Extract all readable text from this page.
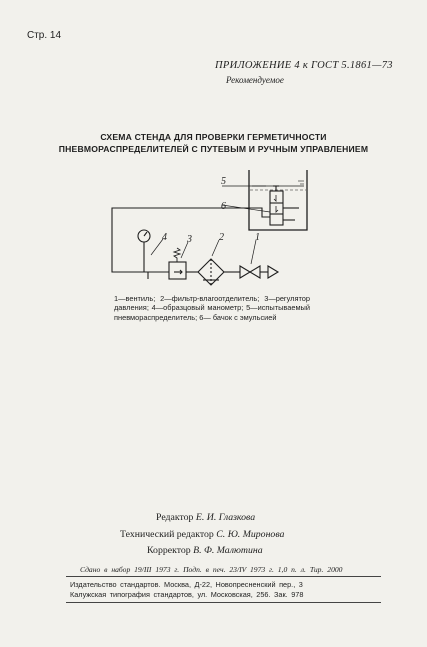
Стр. 14
ПРИЛОЖЕНИЕ 4 к ГОСТ 5.1861—73
Рекомендуемое
СХЕМА СТЕНДА ДЛЯ ПРОВЕРКИ ГЕРМЕТИЧНОСТИ
ПНЕВМОРАСПРЕДЕЛИТЕЛЕЙ С ПУТЕВЫМ И РУЧНЫМ УПРАВЛЕНИЕМ
5
6
4 3	2	1
1—вентиль; 2—фильтр-влагоотделитель; 3—регулятор давления; 4—образцовый манометр; 5—испытываемый пневмораспределитель; 6— бачок с эмульсией
Редактор Е. И. Глазкова
Технический редактор С. Ю. Миронова
Корректор В. Ф. Малютина
Сдано в набор 19/III 1973 г. Подп. в печ. 23/IV 1973 г. 1,0 п. л. Тир. 2000
Издательство стандартов. Москва, Д-22, Новопресненский пер., 3
Калужская типография стандартов, ул. Московская, 256. Зак. 978
